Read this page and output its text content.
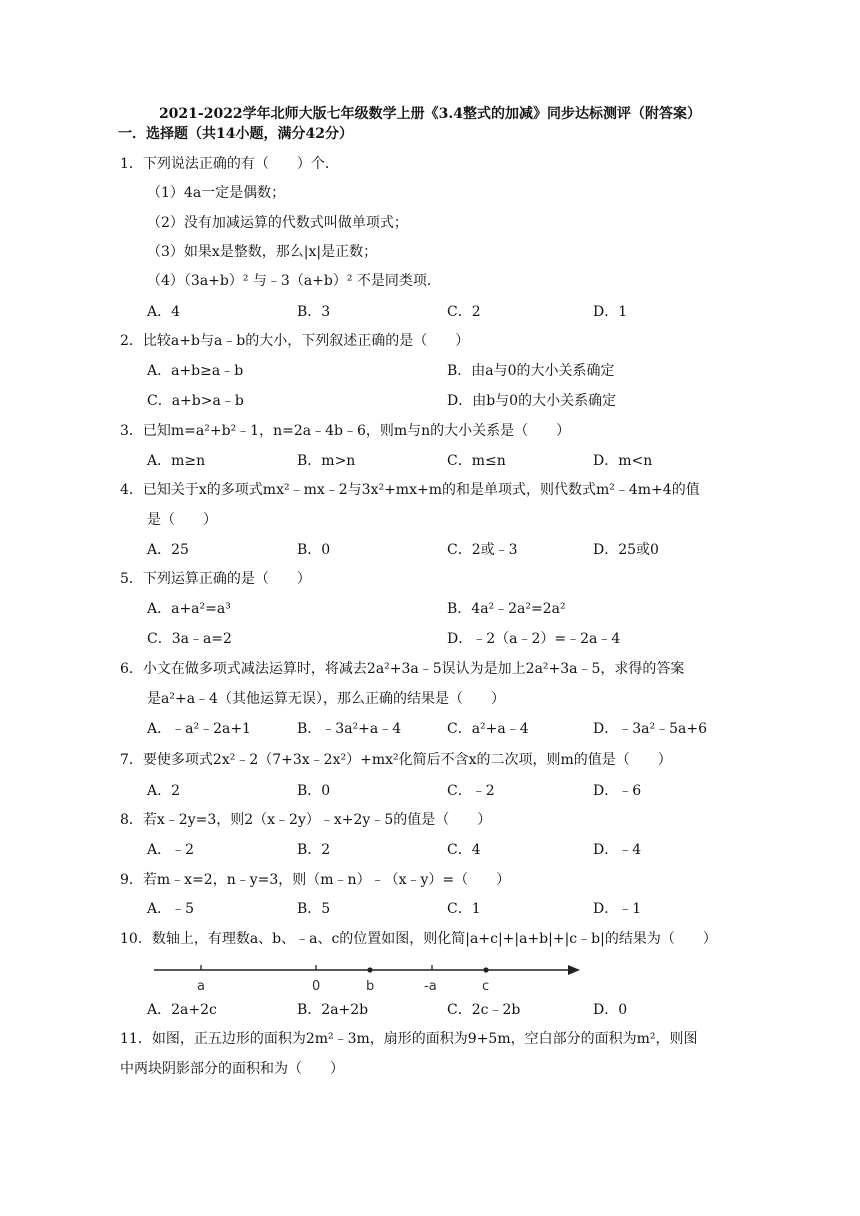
2021-2022学年北师大版七年级数学上册《3.4整式的加减》同步达标测评（附答案）
一．选择题（共14小题，满分42分）
1．下列说法正确的有（　　）个．
（1）4a一定是偶数；
（2）没有加减运算的代数式叫做单项式；
（3）如果x是整数，那么|x|是正数；
（4）（3a+b）² 与﹣3（a+b）² 不是同类项．
A．4	B．3	C．2	D．1
2．比较a+b与a﹣b的大小，下列叙述正确的是（　　）
A．a+b≥a﹣b	B．由a与0的大小关系确定
C．a+b>a﹣b	D．由b与0的大小关系确定
3．已知m=a²+b²﹣1，n=2a﹣4b﹣6，则m与n的大小关系是（　　）
A．m≥n	B．m>n	C．m≤n	D．m<n
4．已知关于x的多项式mx²﹣mx﹣2与3x²+mx+m的和是单项式，则代数式m²﹣4m+4的值
是（　　）
A．25	B．0	C．2或﹣3	D．25或0
5．下列运算正确的是（　　）
A．a+a²=a³	B．4a²﹣2a²=2a²
C．3a﹣a=2	D．﹣2（a﹣2）=﹣2a﹣4
6．小文在做多项式减法运算时，将减去2a²+3a﹣5误认为是加上2a²+3a﹣5，求得的答案
是a²+a﹣4（其他运算无误），那么正确的结果是（　　）
A．﹣a²﹣2a+1	B．﹣3a²+a﹣4	C．a²+a﹣4	D．﹣3a²﹣5a+6
7．要使多项式2x²﹣2（7+3x﹣2x²）+mx²化简后不含x的二次项，则m的值是（　　）
A．2	B．0	C．﹣2	D．﹣6
8．若x﹣2y=3，则2（x﹣2y）﹣x+2y﹣5的值是（　　）
A．﹣2	B．2	C．4	D．﹣4
9．若m﹣x=2，n﹣y=3，则（m﹣n）﹣（x﹣y）=（　　）
A．﹣5	B．5	C．1	D．﹣1
10．数轴上，有理数a、b、﹣a、c的位置如图，则化简|a+c|+|a+b|+|c﹣b|的结果为（　　）
a	0	b	-a	c
A．2a+2c	B．2a+2b	C．2c﹣2b	D．0
11．如图，正五边形的面积为2m²﹣3m，扇形的面积为9+5m，空白部分的面积为m²，则图
中两块阴影部分的面积和为（　　）
